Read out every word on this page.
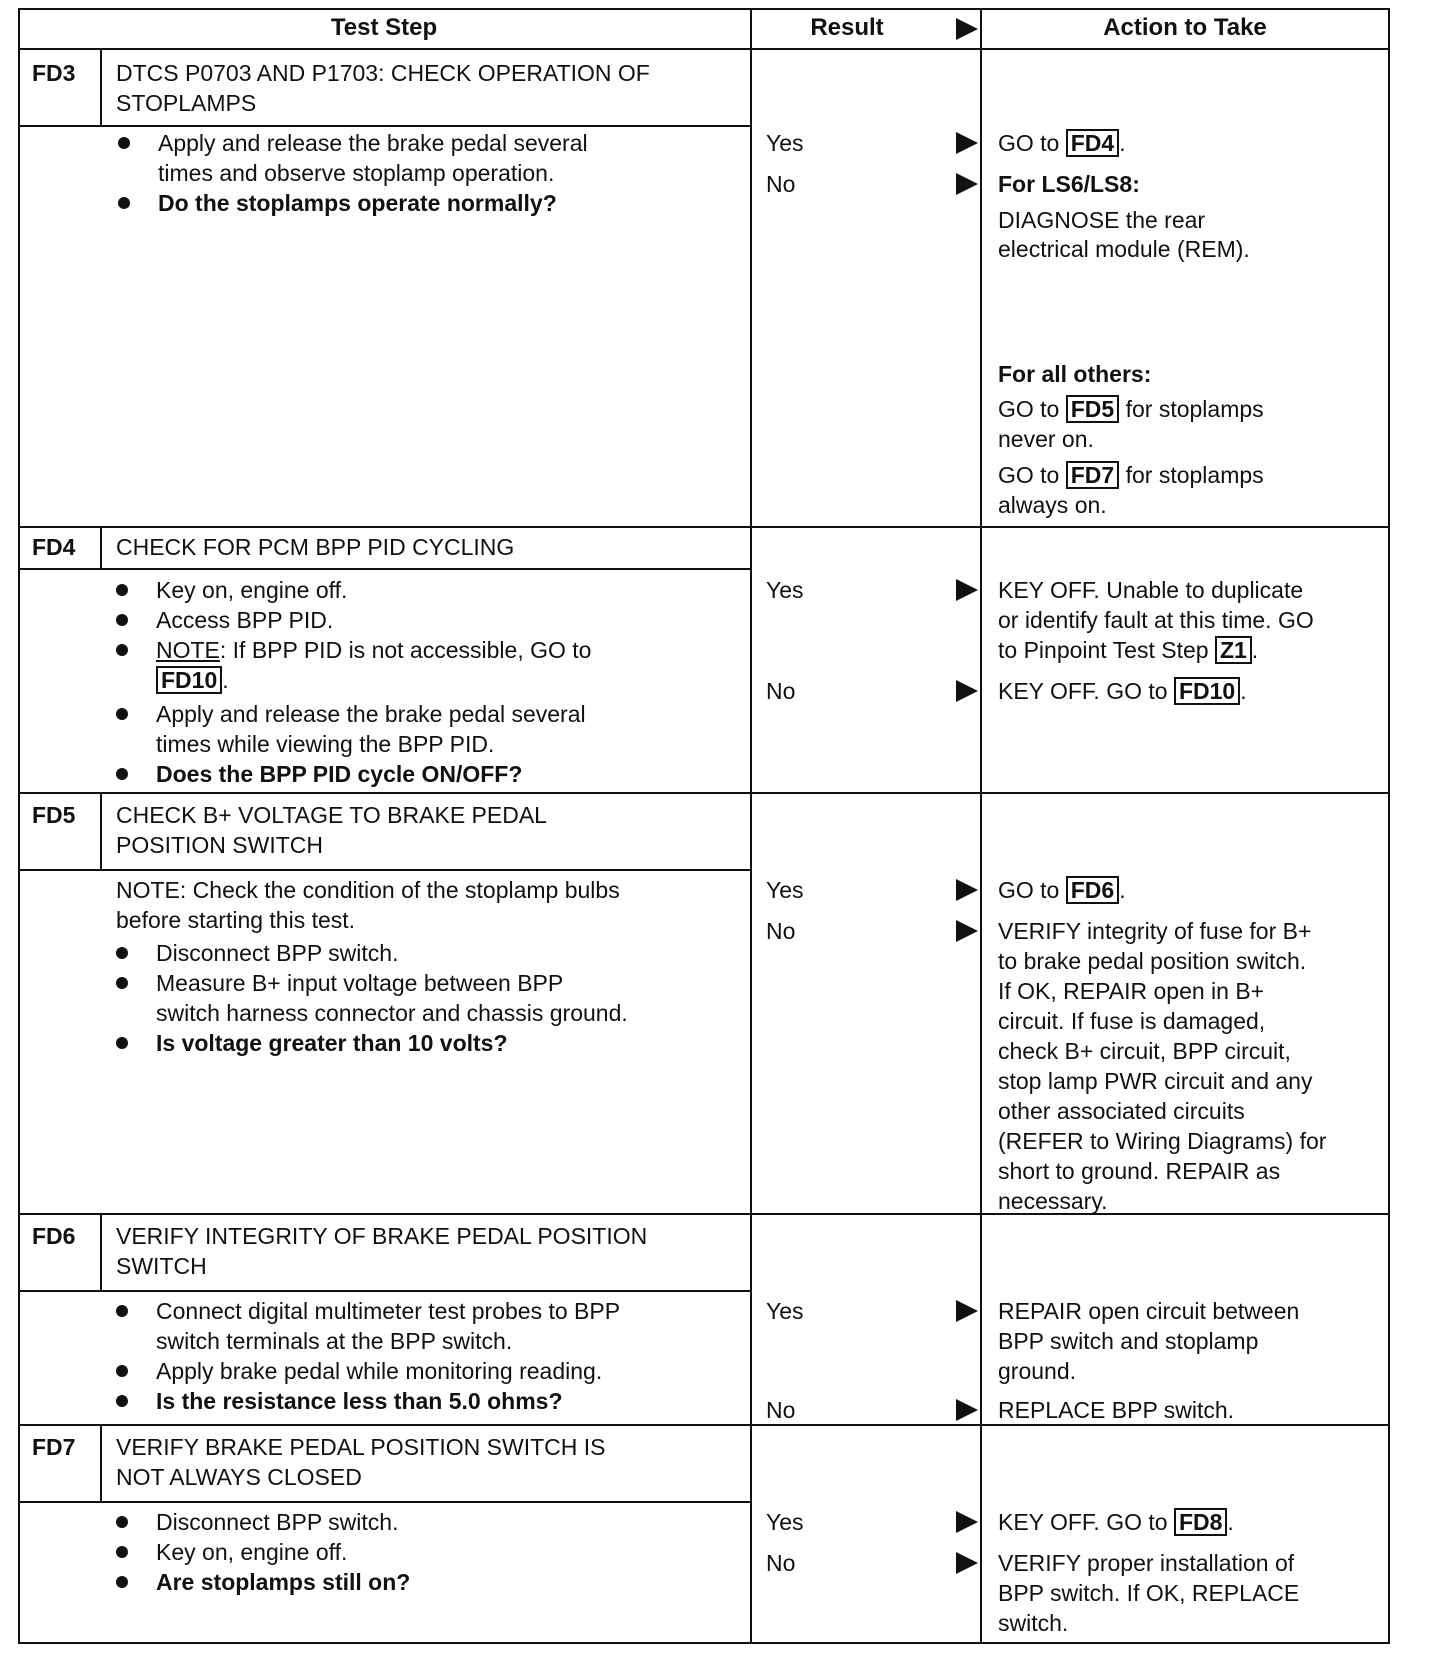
Test Step	Result	Action to Take
FD3 DTCS P0703 AND P1703: CHECK OPERATION OF
STOPLAMPS
Apply and release the brake pedal several
times and observe stoplamp operation.
Do the stoplamps operate normally?
Yes
No
GO to FD4 .
For LS6/LS8:
DIAGNOSE the rear
electrical module (REM).
For all others:
GO to FD5 for stoplamps
never on.
GO to FD7 for stoplamps
always on.
FD4 CHECK FOR PCM BPP PID CYCLING
Key on, engine off.
Access BPP PID.
NOTE: If BPP PID is not accessible, GO to
FD10 .
Apply and release the brake pedal several
times while viewing the BPP PID.
Does the BPP PID cycle ON/OFF?
Yes
No
KEY OFF. Unable to duplicate
or identify fault at this time. GO
to Pinpoint Test Step Z1 .
KEY OFF. GO to FD10 .
FD5 CHECK B+ VOLTAGE TO BRAKE PEDAL
POSITION SWITCH
NOTE: Check the condition of the stoplamp bulbs
before starting this test.
Disconnect BPP switch.
Measure B+ input voltage between BPP
switch harness connector and chassis ground.
Is voltage greater than 10 volts?
Yes
No
GO to FD6 .
VERIFY integrity of fuse for B+
to brake pedal position switch.
If OK, REPAIR open in B+
circuit. If fuse is damaged,
check B+ circuit, BPP circuit,
stop lamp PWR circuit and any
other associated circuits
(REFER to Wiring Diagrams) for
short to ground. REPAIR as
necessary.
FD6 VERIFY INTEGRITY OF BRAKE PEDAL POSITION
SWITCH
Connect digital multimeter test probes to BPP
switch terminals at the BPP switch.
Apply brake pedal while monitoring reading.
Is the resistance less than 5.0 ohms?
Yes
No
REPAIR open circuit between
BPP switch and stoplamp
ground.
REPLACE BPP switch.
FD7 VERIFY BRAKE PEDAL POSITION SWITCH IS
NOT ALWAYS CLOSED
Disconnect BPP switch.
Key on, engine off.
Are stoplamps still on?
Yes
No
KEY OFF. GO to FD8 .
VERIFY proper installation of
BPP switch. If OK, REPLACE
switch.
